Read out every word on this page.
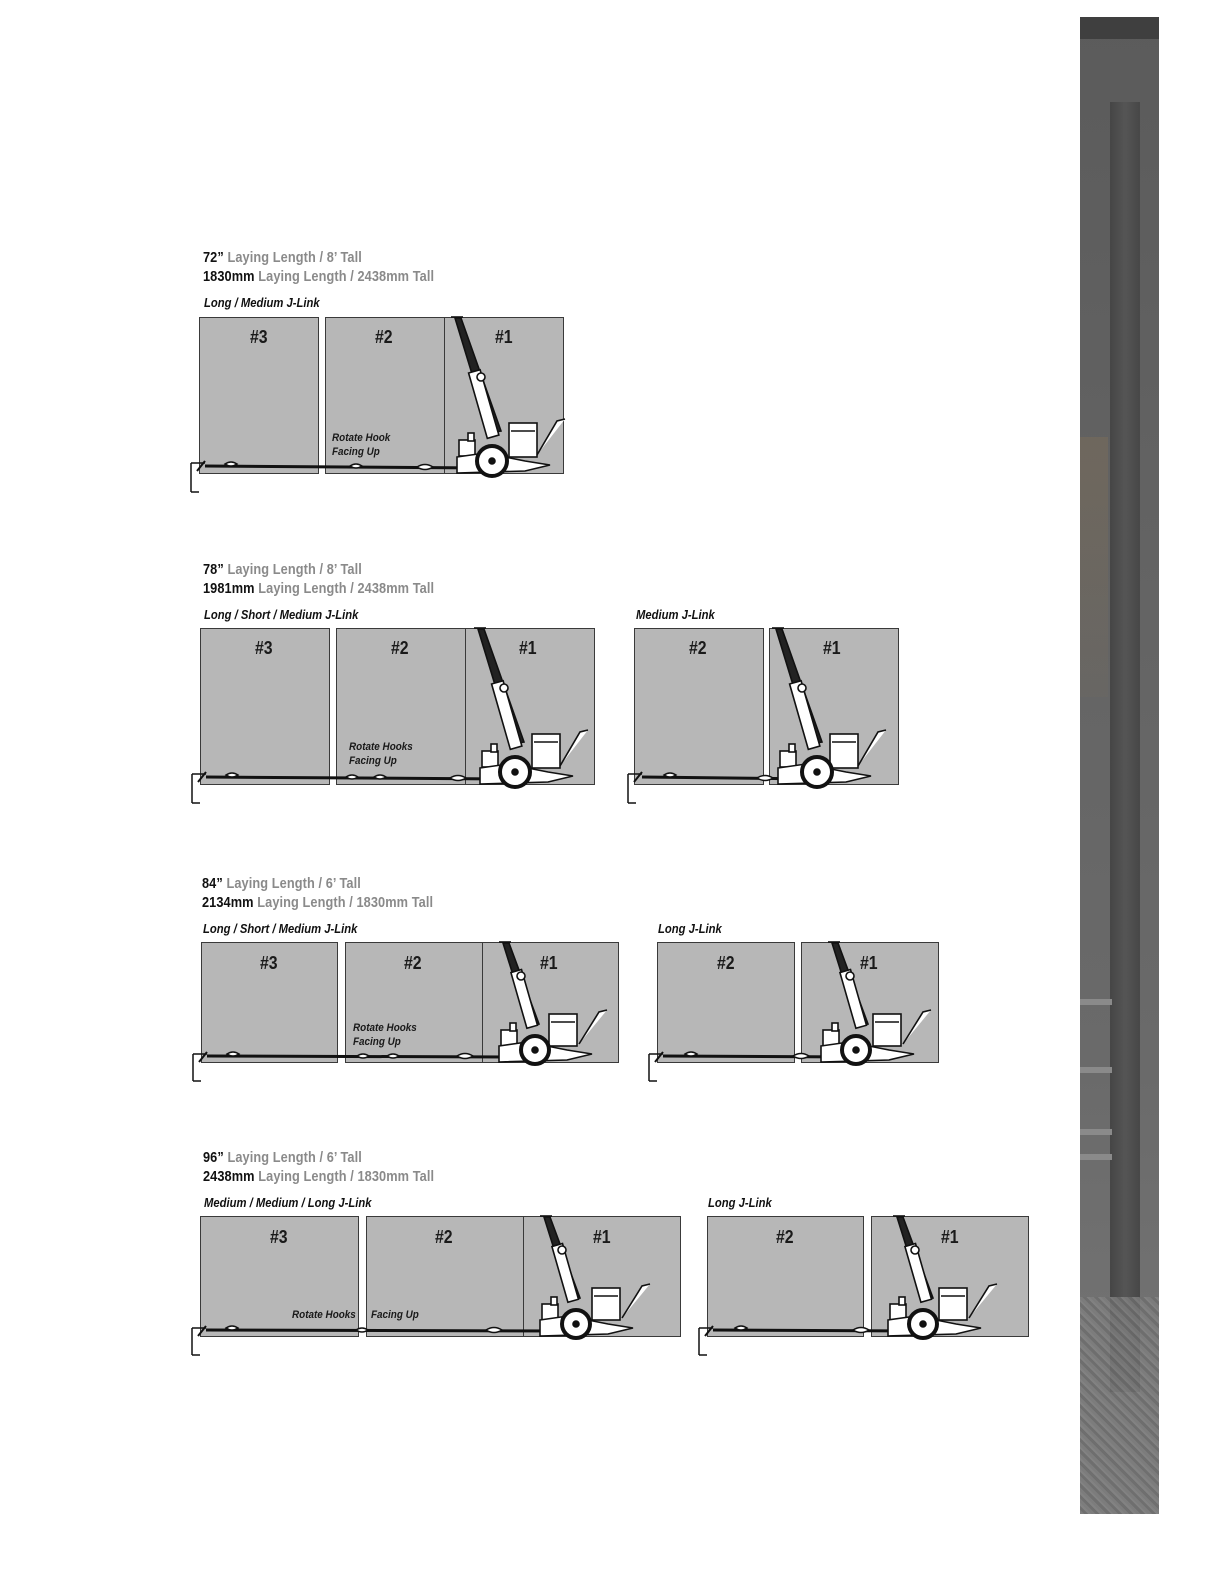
72” Laying Length / 8’ Tall
1830mm Laying Length / 2438mm Tall
Long / Medium J-Link
#3	#2	#1
Rotate Hook
Facing Up
78” Laying Length / 8’ Tall
1981mm Laying Length / 2438mm Tall
Long / Short / Medium J-Link	Medium J-Link
#3	#2	#1
Rotate Hooks
Facing Up
#2	#1
84” Laying Length / 6’ Tall
2134mm Laying Length / 1830mm Tall
Long / Short / Medium J-Link	Long J-Link
#3	#2	#1
Rotate Hooks
Facing Up
#2	#1
96” Laying Length / 6’ Tall
2438mm Laying Length / 1830mm Tall
Medium / Medium / Long J-Link	Long J-Link
#3	#2	#1
Rotate Hooks Facing Up
#2	#1
